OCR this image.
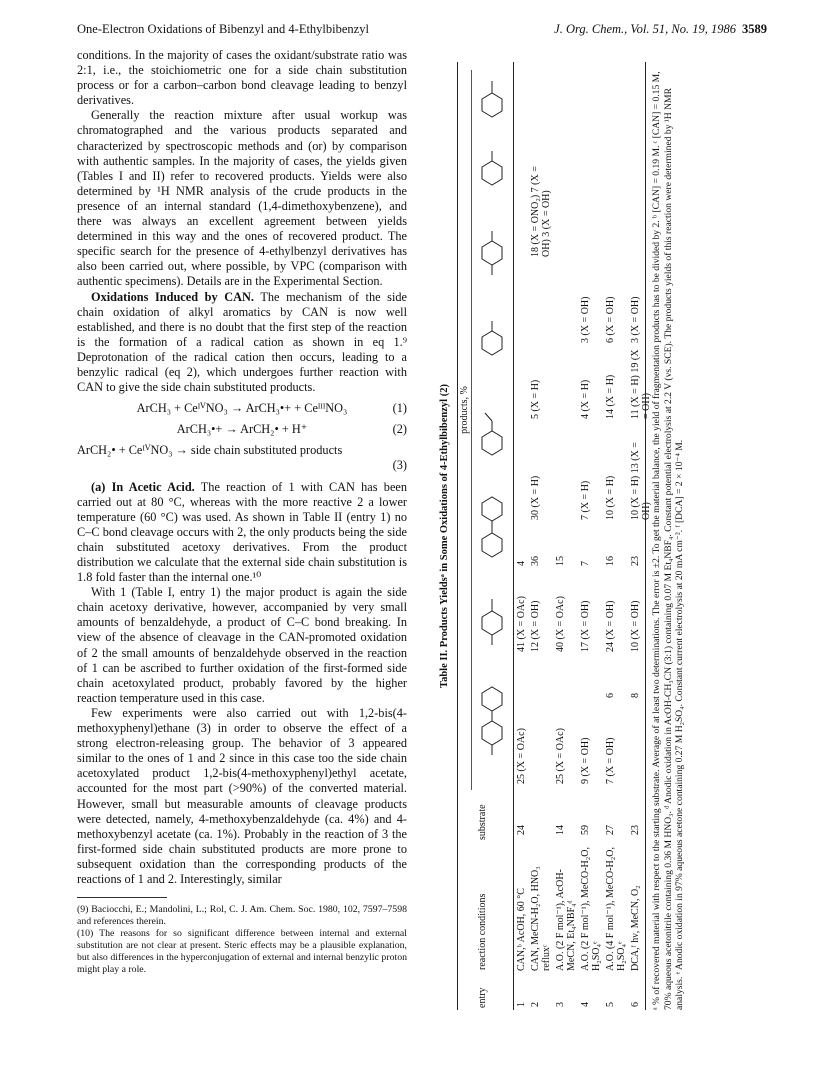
One-Electron Oxidations of Bibenzyl and 4-Ethylbibenzyl	J. Org. Chem., Vol. 51, No. 19, 1986 3589

conditions. In the majority of cases the oxidant/substrate ratio was 2:1, i.e., the stoichiometric one for a side chain substitution process or for a carbon–carbon bond cleavage leading to benzyl derivatives.

Generally the reaction mixture after usual workup was chromatographed and the various products separated and characterized by spectroscopic methods and (or) by comparison with authentic samples. In the majority of cases, the yields given (Tables I and II) refer to recovered products. Yields were also determined by ¹H NMR analysis of the crude products in the presence of an internal standard (1,4-dimethoxybenzene), and there was always an excellent agreement between yields determined in this way and the ones of recovered product. The specific search for the presence of 4-ethylbenzyl derivatives has also been carried out, where possible, by VPC (comparison with authentic specimens). Details are in the Experimental Section.

Oxidations Induced by CAN. The mechanism of the side chain oxidation of alkyl aromatics by CAN is now well established, and there is no doubt that the first step of the reaction is the formation of a radical cation as shown in eq 1.⁹ Deprotonation of the radical cation then occurs, leading to a benzylic radical (eq 2), which undergoes further reaction with CAN to give the side chain substituted products.

ArCH₃ + CeᴵⱽNO₃ → ArCH₃•+ + CeᴵᴵᴵNO₃	(1)
ArCH₃•+ → ArCH₂• + H⁺	(2)
ArCH₂• + CeᴵⱽNO₃ → side chain substituted products
(3)

(a) In Acetic Acid. The reaction of 1 with CAN has been carried out at 80 °C, whereas with the more reactive 2 a lower temperature (60 °C) was used. As shown in Table II (entry 1) no C–C bond cleavage occurs with 2, the only products being the side chain substituted acetoxy derivatives. From the product distribution we calculate that the external side chain substitution is 1.8 fold faster than the internal one.¹⁰

With 1 (Table I, entry 1) the major product is again the side chain acetoxy derivative, however, accompanied by very small amounts of benzaldehyde, a product of C–C bond breaking. In view of the absence of cleavage in the CAN-promoted oxidation of 2 the small amounts of benzaldehyde observed in the reaction of 1 can be ascribed to further oxidation of the first-formed side chain acetoxylated product, probably favored by the higher reaction temperature used in this case.

Few experiments were also carried out with 1,2-bis(4-methoxyphenyl)ethane (3) in order to observe the effect of a strong electron-releasing group. The behavior of 3 appeared similar to the ones of 1 and 2 since in this case too the side chain acetoxylated product 1,2-bis(4-methoxyphenyl)ethyl acetate, accounted for the most part (>90%) of the converted material. However, small but measurable amounts of cleavage products were detected, namely, 4-methoxybenzaldehyde (ca. 4%) and 4-methoxybenzyl acetate (ca. 1%). Probably in the reaction of 3 the first-formed side chain substituted products are more prone to subsequent oxidation than the corresponding products of the reactions of 1 and 2. Interestingly, similar

(9) Baciocchi, E.; Mandolini, L.; Rol, C. J. Am. Chem. Soc. 1980, 102, 7597–7598 and references therein.

(10) The reasons for so significant difference between internal and external substitution are not clear at present. Steric effects may be a plausible explanation, but also differences in the hyperconjugation of external and internal benzylic proton might play a role.

Table II. Products Yieldsᵃ in Some Oxidations of 4-Ethylbibenzyl (2) products, %
entry
reaction conditions
substrate
1	CAN,ᵇ AcOH, 60 °C	24	25 (X = OAc)		41 (X = OAc)	4				
2	CAN, MeCN-H₂O, HNO₃ refluxᶜ				12 (X = OH)	36	30 (X = H)	5 (X = H)		18 (X = ONO₂) 7 (X = OH) 3 (X = OH)
3	A.O. (2 F mol⁻¹), AcOH-MeCN, Et₄NBF₄ᵈ	14	25 (X = OAc)		40 (X = OAc)	15				
4	A.O. (2 F mol⁻¹), MeCO-H₂O, H₂SO₄ᵉ	59	9 (X = OH)		17 (X = OH)	7	7 (X = H)	4 (X = H)	3 (X = OH)	
5	A.O. (4 F mol⁻¹), MeCO-H₂O, H₂SO₄ᵉ	27	7 (X = OH)	6	24 (X = OH)	16	10 (X = H)	14 (X = H)	6 (X = OH)	
6	DCA,ᶠ hν, MeCN, O₂	23		8	10 (X = OH)	23	10 (X = H) 13 (X = OH)	11 (X = H) 19 (X = OH)	3 (X = OH)	ᵃ % of recovered material with respect to the starting substrate. Average of at least two determinations. The error is ±2. To get the material balance, the yield of fragmentation products has to be divided by 2. ᵇ [CAN] = 0.19 M. ᶜ [CAN] = 0.15 M, 70% aqueous acetonitrile containing 0.36 M HNO₃. ᵈ Anodic oxidation in AcOH-CH₃CN (3:1) containing 0.07 M Et₄NBF₄. Constant potential electrolysis at 2.2 V (vs. SCE). The products yields of this reaction were determined by ¹H NMR analysis. ᵉ Anodic oxidation in 97% aqueous acetone containing 0.27 M H₂SO₄. Constant current electrolysis at 20 mA cm⁻². ᶠ [DCA] = 2 × 10⁻⁴ M.
